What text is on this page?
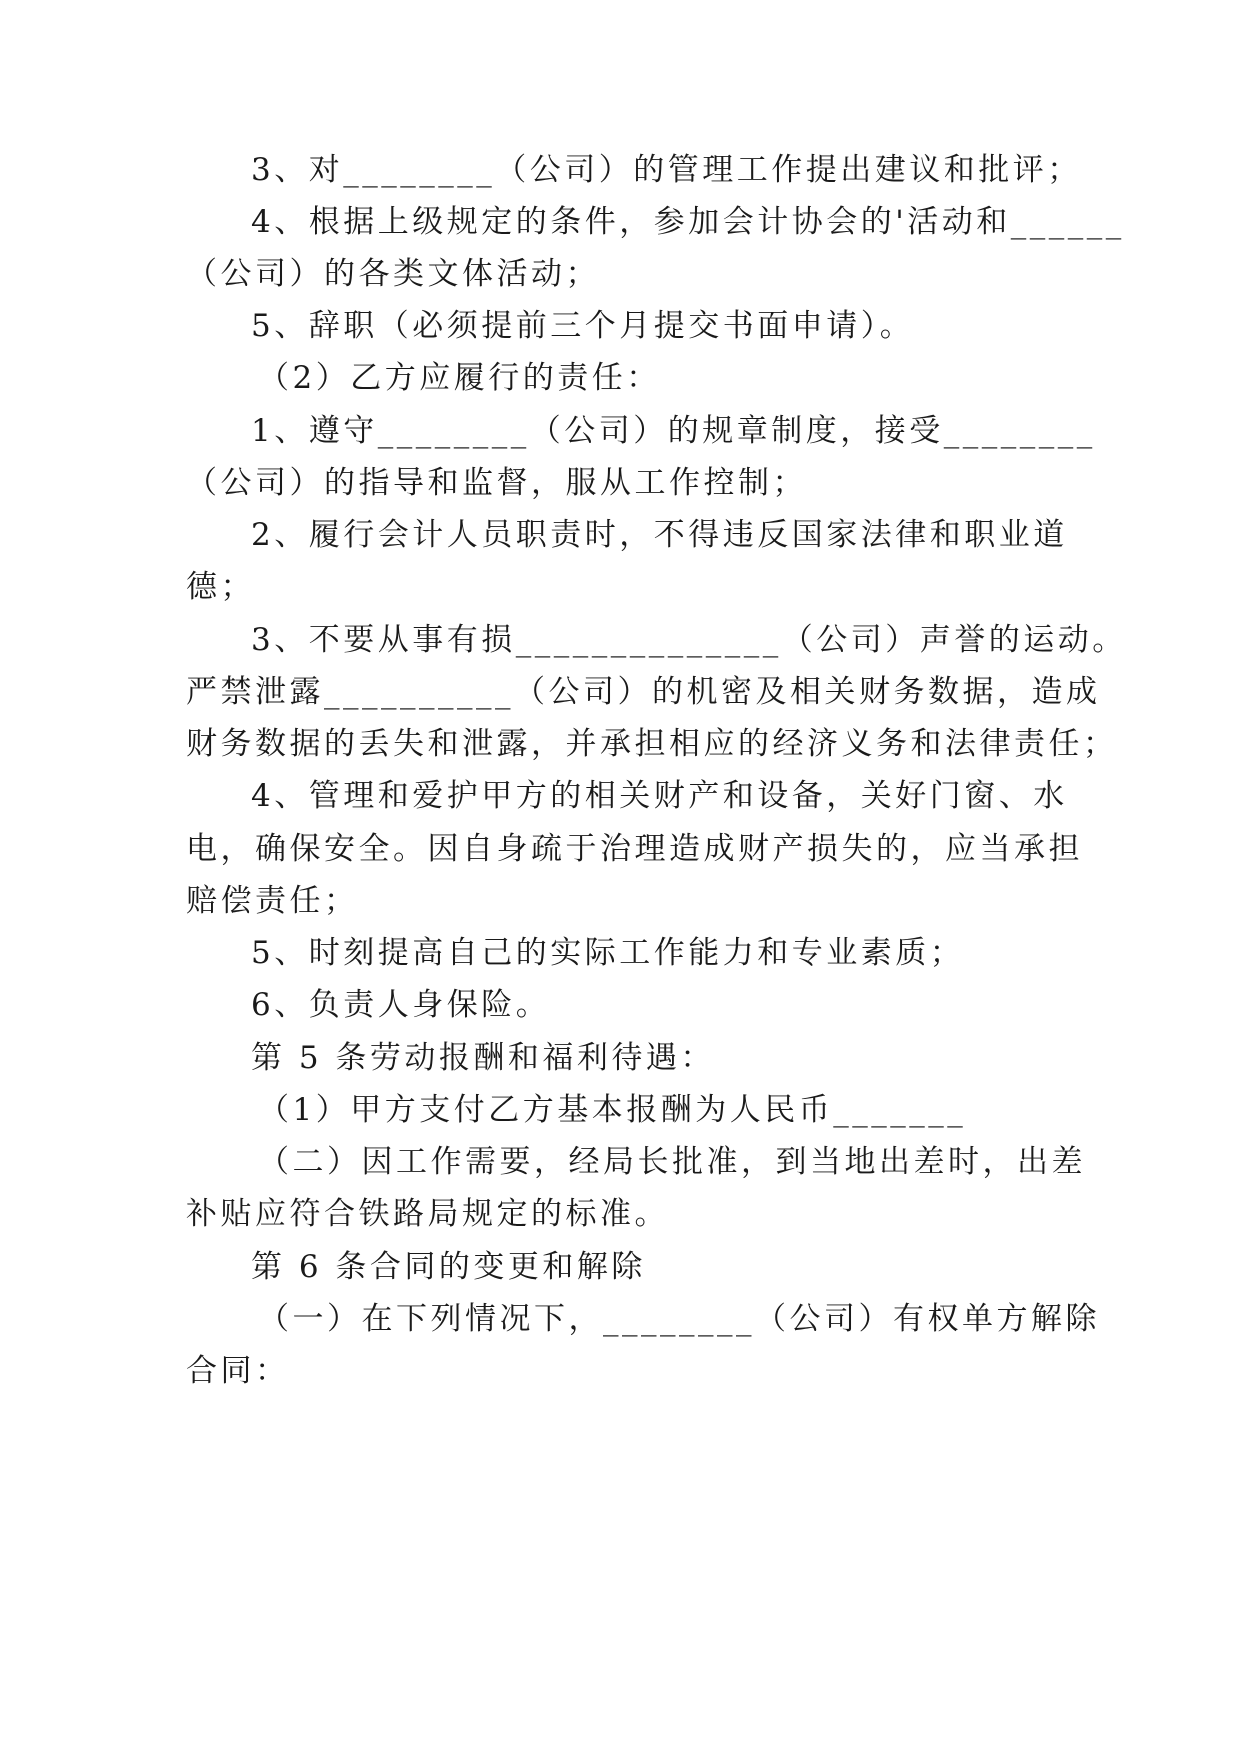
3、对________（公司）的管理工作提出建议和批评；
4、根据上级规定的条件，参加会计协会的'活动和______
（公司）的各类文体活动；
5、辞职（必须提前三个月提交书面申请）。
（2）乙方应履行的责任：
1、遵守________（公司）的规章制度，接受________
（公司）的指导和监督，服从工作控制；
2、履行会计人员职责时，不得违反国家法律和职业道
德；
3、不要从事有损______________（公司）声誉的运动。
严禁泄露__________（公司）的机密及相关财务数据，造成
财务数据的丢失和泄露，并承担相应的经济义务和法律责任；
4、管理和爱护甲方的相关财产和设备，关好门窗、水
电，确保安全。因自身疏于治理造成财产损失的，应当承担
赔偿责任；
5、时刻提高自己的实际工作能力和专业素质；
6、负责人身保险。
第 5 条劳动报酬和福利待遇：
（1）甲方支付乙方基本报酬为人民币_______
（二）因工作需要，经局长批准，到当地出差时，出差
补贴应符合铁路局规定的标准。
第 6 条合同的变更和解除
（一）在下列情况下，________（公司）有权单方解除
合同：
